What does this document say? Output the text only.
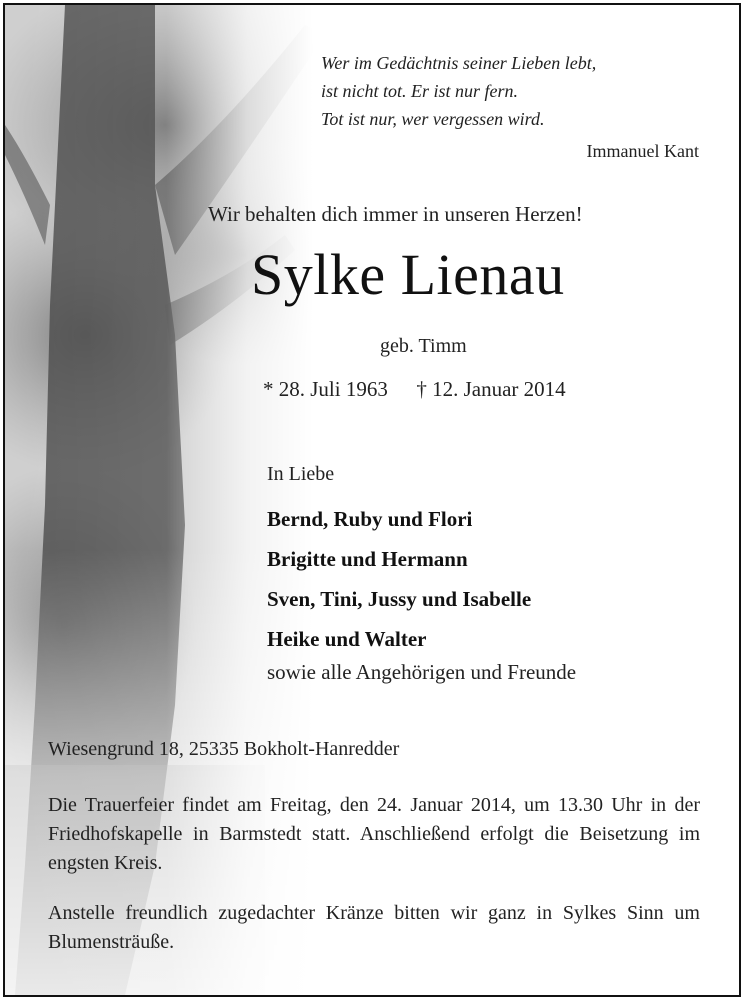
Wer im Gedächtnis seiner Lieben lebt,
ist nicht tot. Er ist nur fern.
Tot ist nur, wer vergessen wird.
Immanuel Kant
Wir behalten dich immer in unseren Herzen!
Sylke Lienau
geb. Timm
* 28. Juli 1963 † 12. Januar 2014
In Liebe
Bernd, Ruby und Flori
Brigitte und Hermann
Sven, Tini, Jussy und Isabelle
Heike und Walter
sowie alle Angehörigen und Freunde
Wiesengrund 18, 25335 Bokholt-Hanredder
Die Trauerfeier findet am Freitag, den 24. Januar 2014, um 13.30 Uhr in der Friedhofskapelle in Barmstedt statt. Anschließend erfolgt die Beisetzung im engsten Kreis.
Anstelle freundlich zugedachter Kränze bitten wir ganz in Sylkes Sinn um Blumensträuße.
